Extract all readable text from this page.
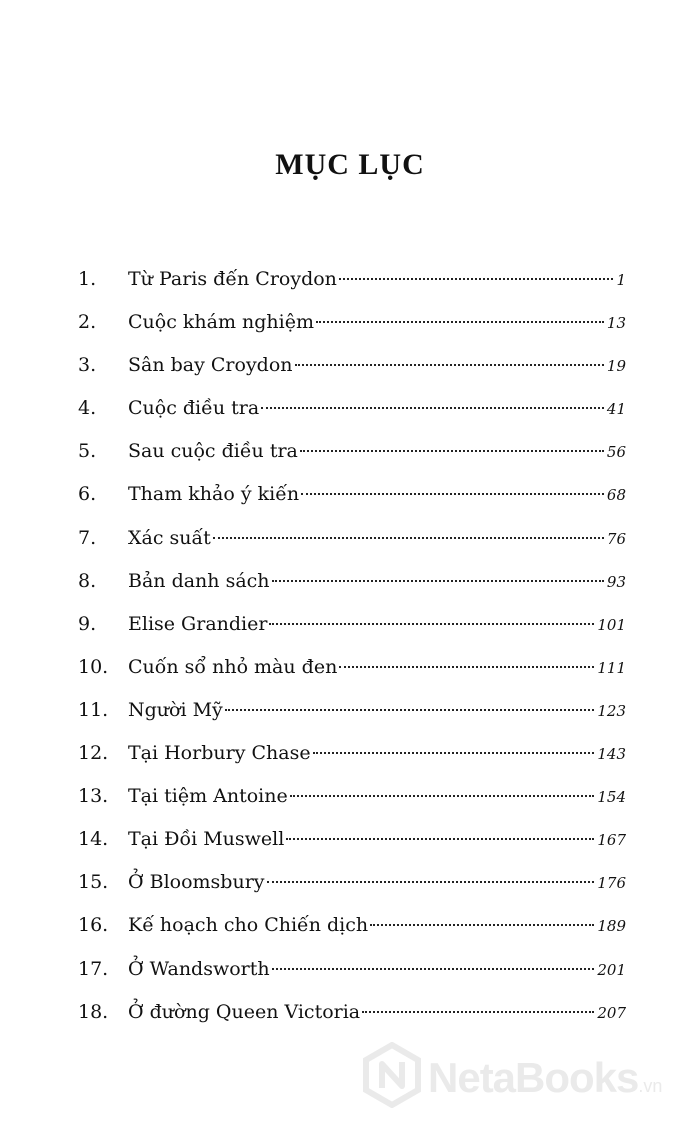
MỤC LỤC
1.	Từ Paris đến Croydon	1
2.	Cuộc khám nghiệm	13
3.	Sân bay Croydon	19
4.	Cuộc điều tra	41
5.	Sau cuộc điều tra	56
6.	Tham khảo ý kiến	68
7.	Xác suất	76
8.	Bản danh sách	93
9.	Elise Grandier	101
10.	Cuốn sổ nhỏ màu đen	111
11.	Người Mỹ	123
12.	Tại Horbury Chase	143
13.	Tại tiệm Antoine	154
14.	Tại Đồi Muswell	167
15.	Ở Bloomsbury	176
16.	Kế hoạch cho Chiến dịch	189
17.	Ở Wandsworth	201
18.	Ở đường Queen Victoria	207
NetaBooks.vn
